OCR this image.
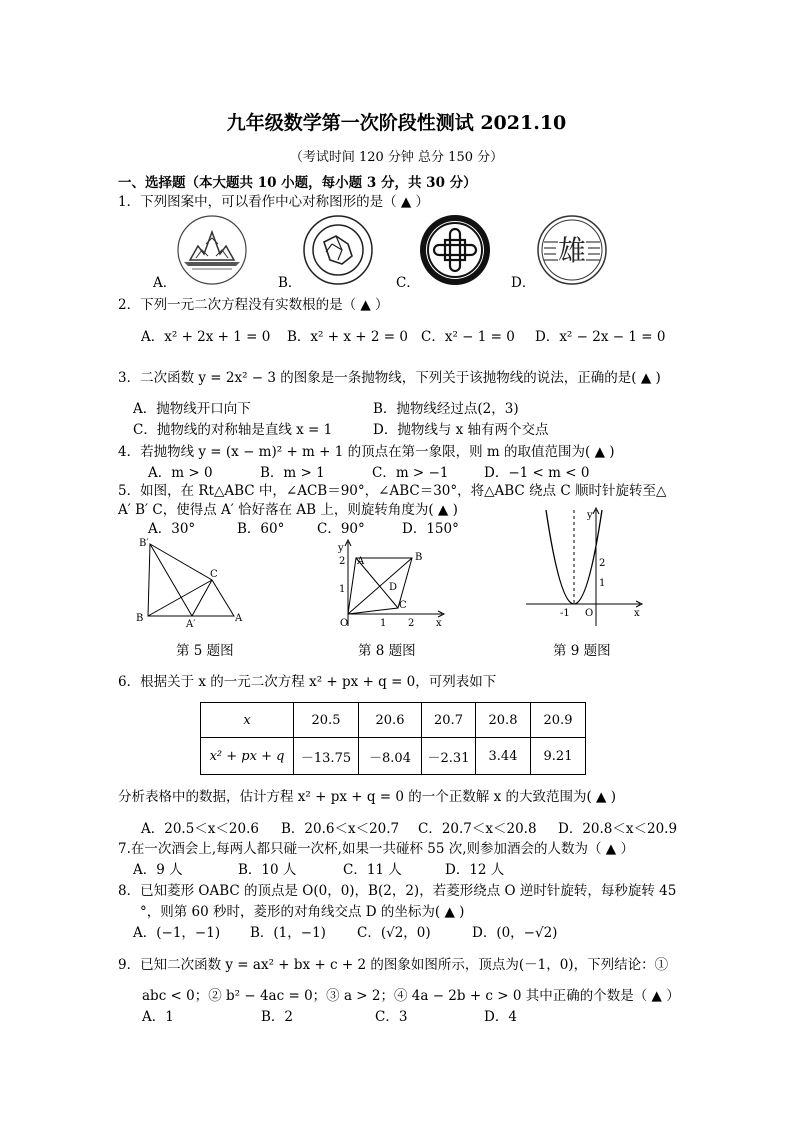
九年级数学第一次阶段性测试 2021.10
（考试时间 120 分钟 总分 150 分）
一、选择题（本大题共 10 小题，每小题 3 分，共 30 分）
1．下列图案中，可以看作中心对称图形的是（ ▲ ）
A．	B．	C．
雄
D．
2．下列一元二次方程没有实数根的是（ ▲ ）
A．x² + 2x + 1 = 0 B．x² + x + 2 = 0 C．x² − 1 = 0 D．x² − 2x − 1 = 0
3．二次函数 y = 2x² − 3 的图象是一条抛物线，下列关于该抛物线的说法，正确的是( ▲ )
A．抛物线开口向下	B．抛物线经过点(2，3)
C．抛物线的对称轴是直线 x = 1	D．抛物线与 x 轴有两个交点
4．若抛物线 y = (x − m)² + m + 1 的顶点在第一象限，则 m 的取值范围为( ▲ )
A．m > 0	B．m > 1	C．m > −1	D．−1 < m < 0
5．如图，在 Rt△ABC 中，∠ACB＝90°，∠ABC＝30°，将△ABC 绕点 C 顺时针旋转至△
A′ B′ C，使得点 A′ 恰好落在 AB 上，则旋转角度为( ▲ )
A．30°	B．60° C．90°	D．150°
B′
C
B
A′
A
第 5 题图
y
A	B
D
C
O	x
1 2
1
2
第 8 题图
y
x
O
-1
1
2
第 9 题图
6．根据关于 x 的一元二次方程 x² + px + q = 0，可列表如下
x	20.5	20.6	20.7	20.8	20.9
x² + px + q	－13.75	－8.04	－2.31	3.44	9.21
分析表格中的数据，估计方程 x² + px + q = 0 的一个正数解 x 的大致范围为( ▲ )
A．20.5＜x＜20.6 B．20.6＜x＜20.7 C．20.7＜x＜20.8 D．20.8＜x＜20.9
7.在一次酒会上,每两人都只碰一次杯,如果一共碰杯 55 次,则参加酒会的人数为（ ▲ ）
A．9 人	B．10 人	C．11 人	D．12 人
8．已知菱形 OABC 的顶点是 O(0，0)，B(2，2)，若菱形绕点 O 逆时针旋转，每秒旋转 45
°，则第 60 秒时，菱形的对角线交点 D 的坐标为( ▲ )
A．(−1，−1) B．(1，−1) C．(√2，0)	D．(0，−√2)
9．已知二次函数 y = ax² + bx + c + 2 的图象如图所示，顶点为(－1，0)，下列结论：①
abc < 0；② b² − 4ac = 0；③ a > 2；④ 4a − 2b + c > 0 其中正确的个数是（ ▲ ）
A．1	B．2	C．3	D．4
